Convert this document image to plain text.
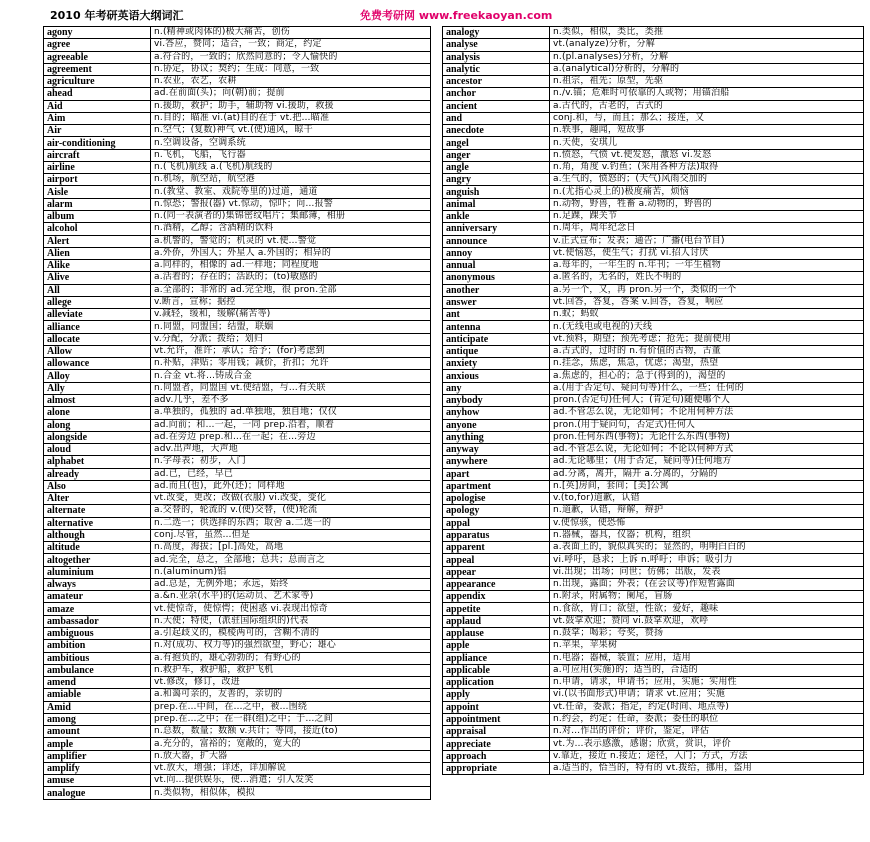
2010 年考研英语大纲词汇	免费考研网 www.freekaoyan.com
agony	n.(精神或肉体的)极大痛苦，创伤
agree	vi.答应，赞同；适合，一致；商定，约定
agreeable	a.符合的，一致的；欣然同意的；令人愉快的
agreement	n.协定，协议；契约；生成：同意，一致
agriculture	n.农业，农艺，农耕
ahead	ad.在前面(头)；向(朝)前；提前
Aid	n.援助，救护；助手，辅助物 vi.援助，救援
Aim	n.目的；瞄准 vi.(at)目的在于 vt.把…瞄准
Air	n.空气；(复数)神气 vt.(使)通风，晾干
air-conditioning	n.空调设备，空调系统
aircraft	n.飞机，飞船，飞行器
airline	n.(飞机)航线 a.(飞机)航线的
airport	n.机场，航空站，航空港
Aisle	n.(教堂、教室、戏院等里的)过道，通道
alarm	n.惊恐；警报(器) vt.惊动，惊吓；向…报警
album	n.(同一表演者的)集锦密纹唱片；集邮簿，相册
alcohol	n.酒精，乙醇；含酒精的饮料
Alert	a.机警的，警觉的；机灵的 vt.使…警觉
Alien	a.外侨，外国人；外星人 a.外国的；相异的
Alike	a.同样的，相像的 ad.一样地；同程度地
Alive	a.活着的；存在的；活跃的；(to)敏感的
All	a.全部的；非常的 ad.完全地，很 pron.全部
allege	v.断言，宣称；据控
alleviate	v.减轻，缓和，缓解(痛苦等)
alliance	n.同盟，同盟国；结盟，联姻
allocate	v.分配，分派；拨给；划归
Allow	vt.允许，准许；承认；给予；(for)考虑到
allowance	n.补贴，津贴；零用钱；减价，折扣；允许
Alloy	n.合金 vt.将…铸成合金
Ally	n.同盟者，同盟国 vt.使结盟，与…有关联
almost	adv.几乎，差不多
alone	a.单独的，孤独的 ad.单独地，独自地；仅仅
along	ad.向前；和…一起，一同 prep.沿着，顺着
alongside	ad.在旁边 prep.和…在一起；在…旁边
aloud	adv.出声地，大声地
alphabet	n.字母表；初步，入门
already	ad.已，已经，早已
Also	ad.而且(也)，此外(还)；同样地
Alter	vt.改变，更改；改做(衣服) vi.改变，变化
alternate	a.交替的，轮流的 v.(使)交替，(使)轮流
alternative	n.二选一；供选择的东西；取舍 a.二选一的
although	conj.尽管，虽然…但是
altitude	n.高度，海拔；[pl.]高处，高地
altogether	ad.完全，总之，全部地；总共；总而言之
aluminium	n.(aluminum)铝
always	ad.总是，无例外地；永远，始终
amateur	a.&n.业余(水平)的(运动员、艺术家等)
amaze	vt.使惊奇，使惊愕；使困惑 vi.表现出惊奇
ambassador	n.大使；特使，(派驻国际组织的)代表
ambiguous	a.引起歧义的，模棱两可的，含糊不清的
ambition	n.对(成功、权力等)的强烈欲望，野心；雄心
ambitious	a.有抱负的，雄心勃勃的；有野心的
ambulance	n.救护车，救护船，救护飞机
amend	vt.修改，修订，改进
amiable	a.和蔼可亲的，友善的，亲切的
Amid	prep.在…中间，在…之中，被…围绕
among	prep.在…之中；在一群(组)之中；于…之间
amount	n.总数，数量；数额 v.共计；等同，接近(to)
ample	a.充分的，富裕的；宽敞的，宽大的
amplifier	n.放大器，扩大器
amplify	vt.放大，增强；详述，详加解说
amuse	vt.向…提供娱乐，使…消遣；引人发笑
analogue	n.类似物，相似体，模拟
analogy	n.类似，相似，类比，类推
analyse	vt.(analyze)分析，分解
analysis	n.(pl.analyses)分析，分解
analytic	a.(analytical)分析的，分解的
ancestor	n.祖宗，祖先；原型，先驱
anchor	n./v.锚；危难时可依靠的人或物；用锚泊船
ancient	a.古代的，古老的，古式的
and	conj.和，与，而且；那么；接连，又
anecdote	n.轶事，趣闻，短故事
angel	n.天使，安琪儿
anger	n.愤怒，气愤 vt.使发怒，激怒 vi.发怒
angle	n.角，角度 v.钓鱼；(采用各种方法)取得
angry	a.生气的，愤怒的；(天气)风雨交加的
anguish	n.(尤指心灵上的)极度痛苦，烦恼
animal	n.动物，野兽，牲畜 a.动物的，野兽的
ankle	n.足踝，踝关节
anniversary	n.周年，周年纪念日
announce	v.正式宣布；发表；通告；广播(电台节目)
annoy	vt.使恼怒，使生气；打扰 vi.招人讨厌
annual	a.每年的，一年生的 n.年刊；一年生植物
anonymous	a.匿名的，无名的，姓氏不明的
another	a.另一个，又，再 pron.另一个，类似的一个
answer	vt.回答，答复，答案 v.回答，答复，响应
ant	n.蚁；蚂蚁
antenna	n.(无线电或电视的)天线
anticipate	vt.预料，期望；预先考虑；抢先；提前使用
antique	a.古式的，过时的 n.有价值的古物，古董
anxiety	n.挂念，焦虑，焦急，忧虑；渴望，热望
anxious	a.焦虑的，担心的；急于(得到的)，渴望的
any	a.(用于否定句、疑问句等)什么，一些；任何的
anybody	pron.(否定句)任何人；(肯定句)随便哪个人
anyhow	ad.不管怎么说，无论如何；不论用何种方法
anyone	pron.(用于疑问句，否定式)任何人
anything	pron.任何东西(事物)；无论什么东西(事物)
anyway	ad.不管怎么说，无论如何；不论以何种方式
anywhere	ad.无论哪里；(用于否定，疑问等)任何地方
apart	ad.分离，离开，隔开 a.分离的，分隔的
apartment	n.[英]房间，套间；[美]公寓
apologise	v.(to,for)道歉，认错
apology	n.道歉，认错，辩解，辩护
appal	v.使惊骇，使恐怖
apparatus	n.器械，器具，仪器；机构，组织
apparent	a.表面上的，貌似真实的；显然的，明明白白的
appeal	vi.呼吁，恳求；上诉 n.呼吁；申诉；吸引力
appear	vi.出现；出场；问世；仿佛；出版，发表
appearance	n.出现，露面；外表；(在会议等)作短暂露面
appendix	n.附录，附属物；阑尾，盲肠
appetite	n.食欲，胃口；欲望，性欲；爱好，趣味
applaud	vt.鼓掌欢迎；赞同 vi.鼓掌欢迎，欢呼
applause	n.鼓掌；喝彩；夸奖，赞扬
apple	n.苹果，苹果树
appliance	n.电器；器械，装置；应用，适用
applicable	a.可应用(实施)的；适当的，合适的
application	n.申请，请求，申请书；应用，实施；实用性
apply	vi.(以书面形式)申请；请求 vt.应用；实施
appoint	vt.任命，委派；指定，约定(时间、地点等)
appointment	n.约会，约定；任命，委派；委任的职位
appraisal	n.对…作出的评价；评价，鉴定，评估
appreciate	vt.为…表示感激，感谢；欣赏，赏识，评价
approach	v.靠近，接近 n.接近；途径，入门；方式，方法
appropriate	a.适当的，恰当的，特有的 vt.拨给，挪用，盗用
